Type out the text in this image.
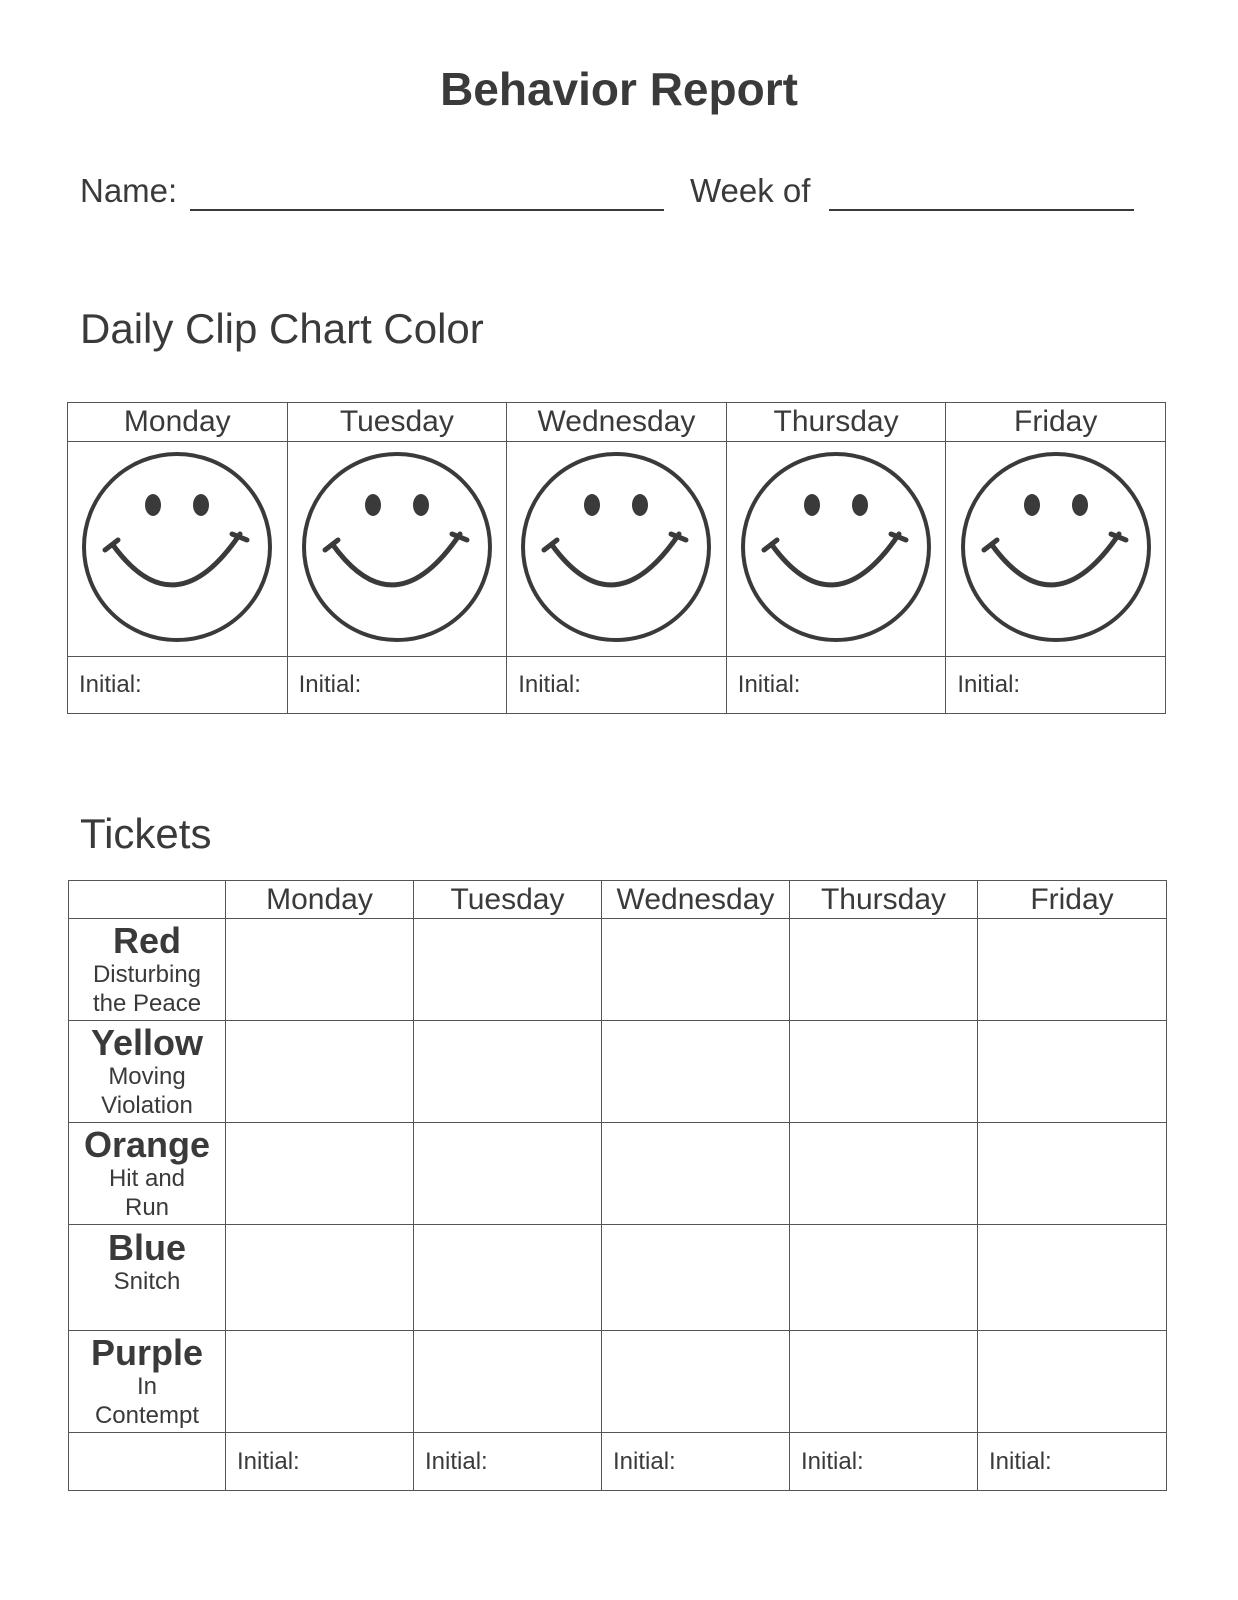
Behavior Report
Name:	Week of
Daily Clip Chart Color
Monday	Tuesday	Wednesday	Thursday	Friday

Initial:	Initial:	Initial:	Initial:	Initial:
Tickets
	Monday	Tuesday	Wednesday	Thursday	Friday

Red
Disturbing
the Peace					

Yellow
Moving
Violation					

Orange
Hit and
Run					

Blue
Snitch					

Purple
In
Contempt					

	Initial:	Initial:	Initial:	Initial:	Initial:
